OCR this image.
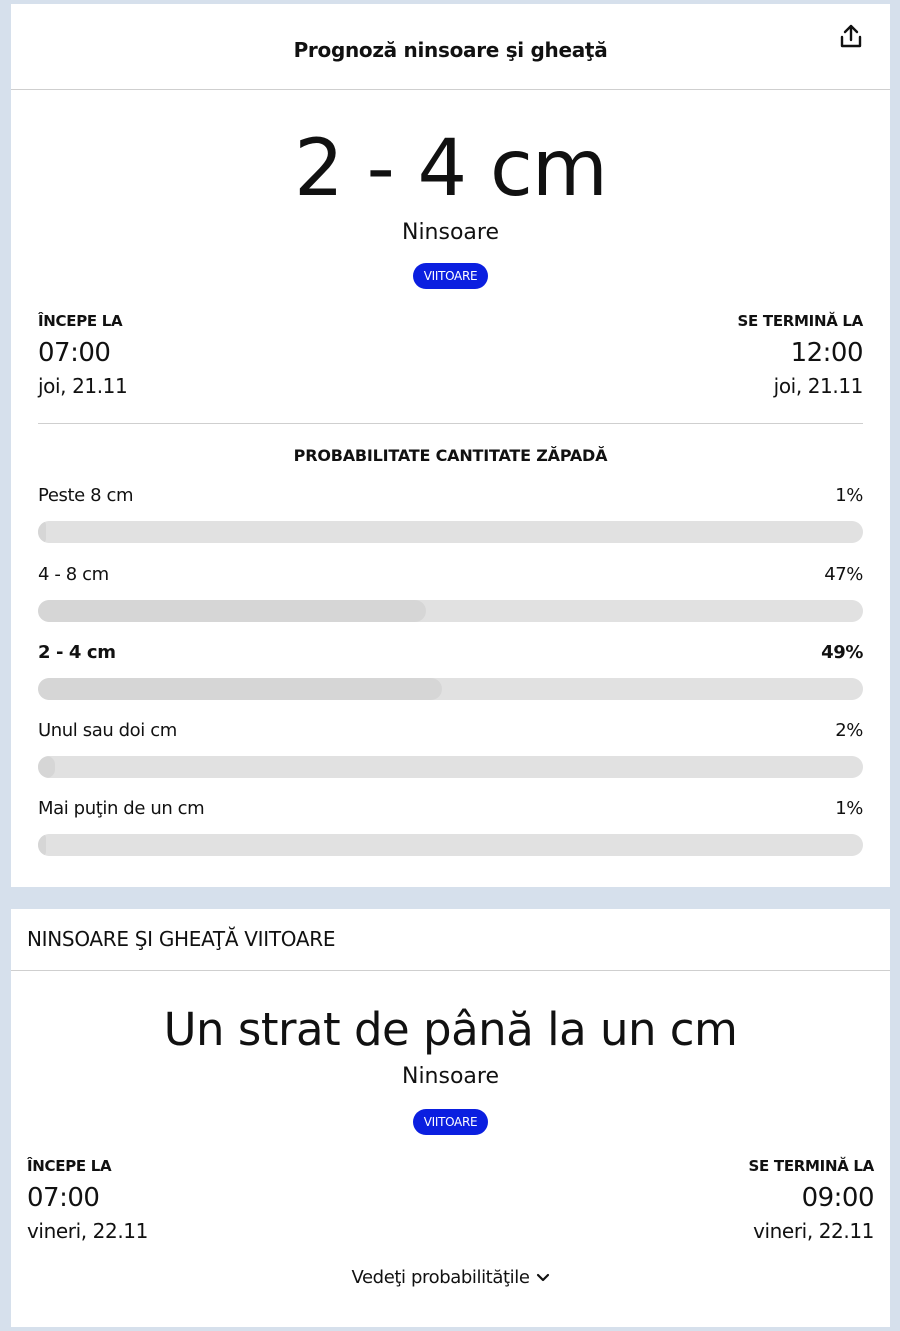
Prognoză ninsoare şi gheaţă
2 - 4 cm
Ninsoare
VIITOARE
ÎNCEPE LA
07:00
joi, 21.11
SE TERMINĂ LA
12:00
joi, 21.11
PROBABILITATE CANTITATE ZĂPADĂ
Peste 8 cm	1%
4 - 8 cm	47%
2 - 4 cm	49%
Unul sau doi cm	2%
Mai puţin de un cm	1%
NINSOARE ŞI GHEAŢĂ VIITOARE
Un strat de până la un cm
Ninsoare
VIITOARE
ÎNCEPE LA
07:00
vineri, 22.11
SE TERMINĂ LA
09:00
vineri, 22.11
Vedeţi probabilităţile
